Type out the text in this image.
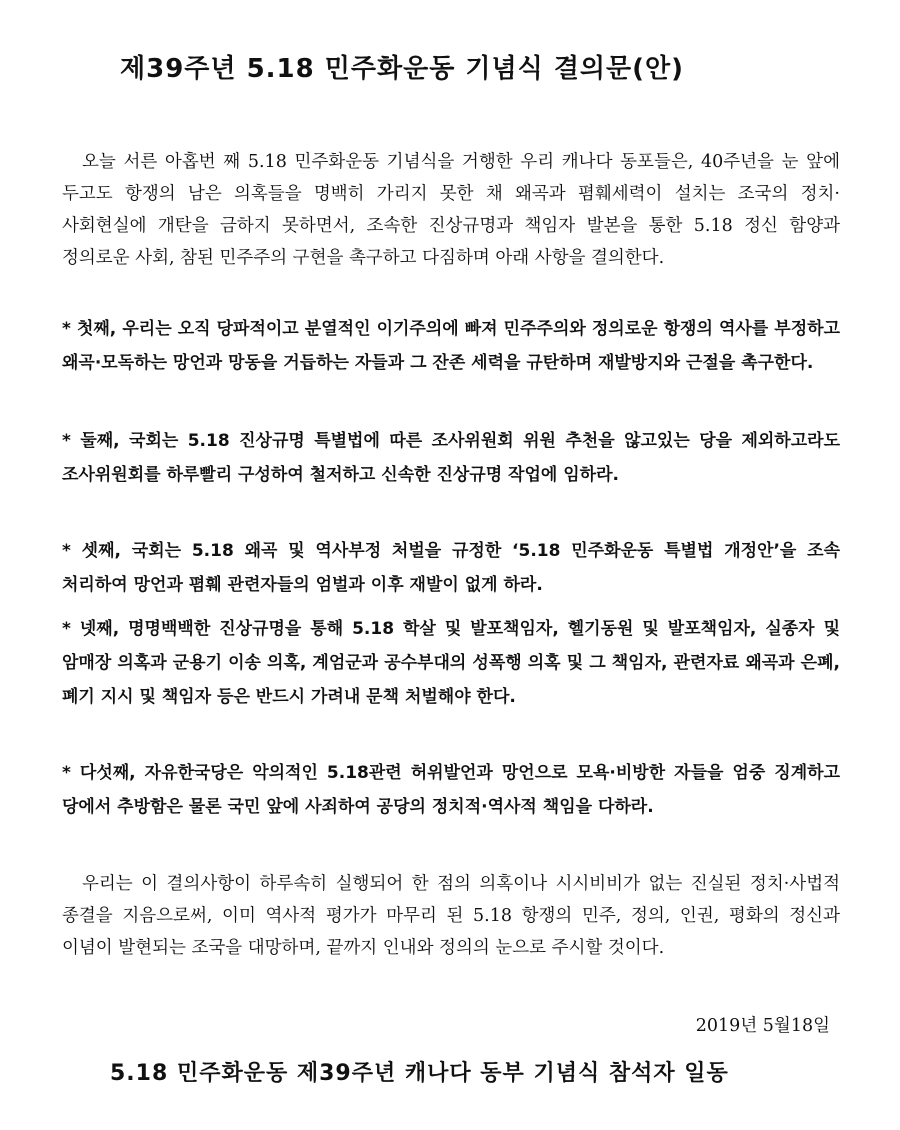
제39주년 5.18 민주화운동 기념식 결의문(안)

오늘 서른 아홉번 째 5.18 민주화운동 기념식을 거행한 우리 캐나다 동포들은, 40주년을 눈 앞에 두고도 항쟁의 남은 의혹들을 명백히 가리지 못한 채 왜곡과 폄훼세력이 설치는 조국의 정치·사회현실에 개탄을 금하지 못하면서, 조속한 진상규명과 책임자 발본을 통한 5.18 정신 함양과 정의로운 사회, 참된 민주주의 구현을 촉구하고 다짐하며 아래 사항을 결의한다.

* 첫째, 우리는 오직 당파적이고 분열적인 이기주의에 빠져 민주주의와 정의로운 항쟁의 역사를 부정하고 왜곡·모독하는 망언과 망동을 거듭하는 자들과 그 잔존 세력을 규탄하며 재발방지와 근절을 촉구한다.

* 둘째, 국회는 5.18 진상규명 특별법에 따른 조사위원회 위원 추천을 않고있는 당을 제외하고라도 조사위원회를 하루빨리 구성하여 철저하고 신속한 진상규명 작업에 임하라.

* 셋째, 국회는 5.18 왜곡 및 역사부정 처벌을 규정한 ‘5.18 민주화운동 특별법 개정안’을 조속 처리하여 망언과 폄훼 관련자들의 엄벌과 이후 재발이 없게 하라.

* 넷째, 명명백백한 진상규명을 통해 5.18 학살 및 발포책임자, 헬기동원 및 발포책임자, 실종자 및 암매장 의혹과 군용기 이송 의혹, 계엄군과 공수부대의 성폭행 의혹 및 그 책임자, 관련자료 왜곡과 은폐, 폐기 지시 및 책임자 등은 반드시 가려내 문책 처벌해야 한다.

* 다섯째, 자유한국당은 악의적인 5.18관련 허위발언과 망언으로 모욕·비방한 자들을 엄중 징계하고 당에서 추방함은 물론 국민 앞에 사죄하여 공당의 정치적·역사적 책임을 다하라.

우리는 이 결의사항이 하루속히 실행되어 한 점의 의혹이나 시시비비가 없는 진실된 정치·사법적 종결을 지음으로써, 이미 역사적 평가가 마무리 된 5.18 항쟁의 민주, 정의, 인권, 평화의 정신과 이념이 발현되는 조국을 대망하며, 끝까지 인내와 정의의 눈으로 주시할 것이다.

2019년 5월18일

5.18 민주화운동 제39주년 캐나다 동부 기념식 참석자 일동
